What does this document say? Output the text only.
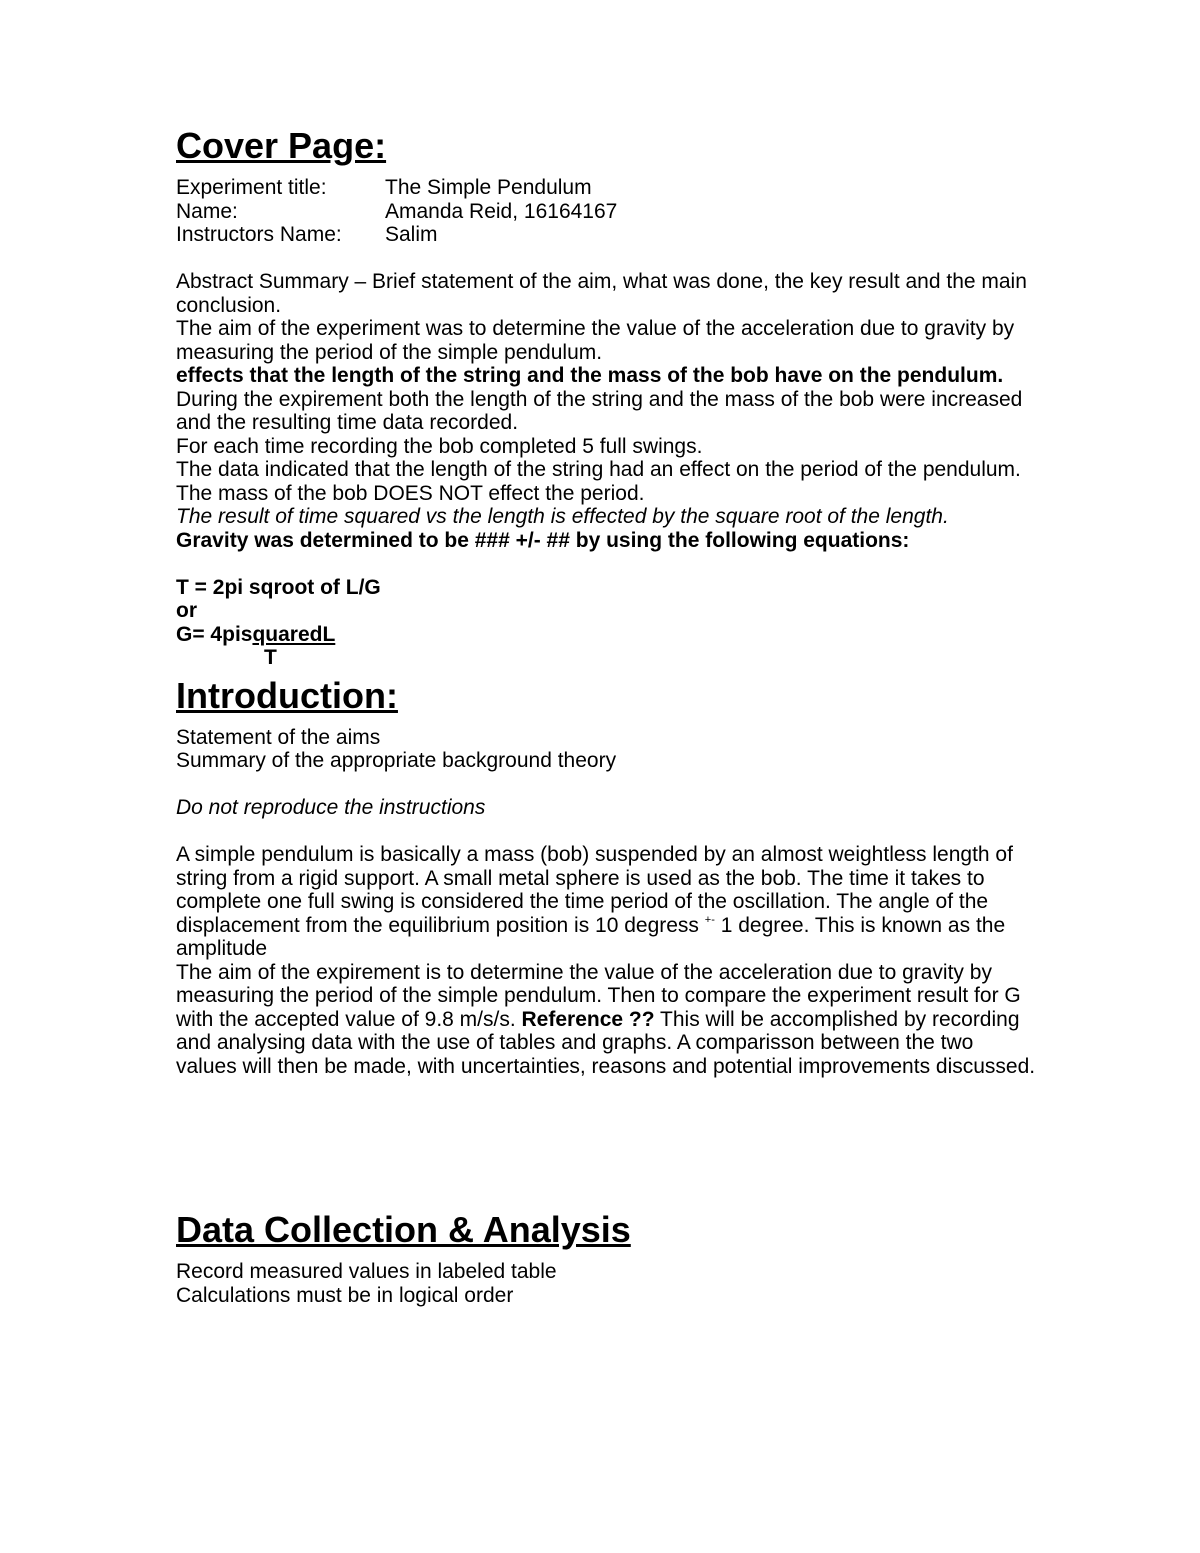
Cover Page:
Experiment title:	The Simple Pendulum
Name:	Amanda Reid, 16164167
Instructors Name:	Salim

Abstract Summary – Brief statement of the aim, what was done, the key result and the main conclusion.

The aim of the experiment was to determine the value of the acceleration due to gravity by measuring the period of the simple pendulum.

effects that the length of the string and the mass of the bob have on the pendulum.

During the expirement both the length of the string and the mass of the bob were increased and the resulting time data recorded.

For each time recording the bob completed 5 full swings.

The data indicated that the length of the string had an effect on the period of the pendulum. The mass of the bob DOES NOT effect the period.

The result of time squared vs the length is effected by the square root of the length.

Gravity was determined to be ### +/- ## by using the following equations:

T = 2pi sqroot of L/G

or

G= 4pisquaredL

T

Introduction:

Statement of the aims

Summary of the appropriate background theory

Do not reproduce the instructions

A simple pendulum is basically a mass (bob) suspended by an almost weightless length of string from a rigid support. A small metal sphere is used as the bob. The time it takes to complete one full swing is considered the time period of the oscillation. The angle of the displacement from the equilibrium position is 10 degress +- 1 degree. This is known as the amplitude

The aim of the expirement is to determine the value of the acceleration due to gravity by measuring the period of the simple pendulum. Then to compare the experiment result for G with the accepted value of 9.8 m/s/s. Reference ?? This will be accomplished by recording and analysing data with the use of tables and graphs. A comparisson between the two values will then be made, with uncertainties, reasons and potential improvements discussed.

Data Collection & Analysis

Record measured values in labeled table

Calculations must be in logical order
